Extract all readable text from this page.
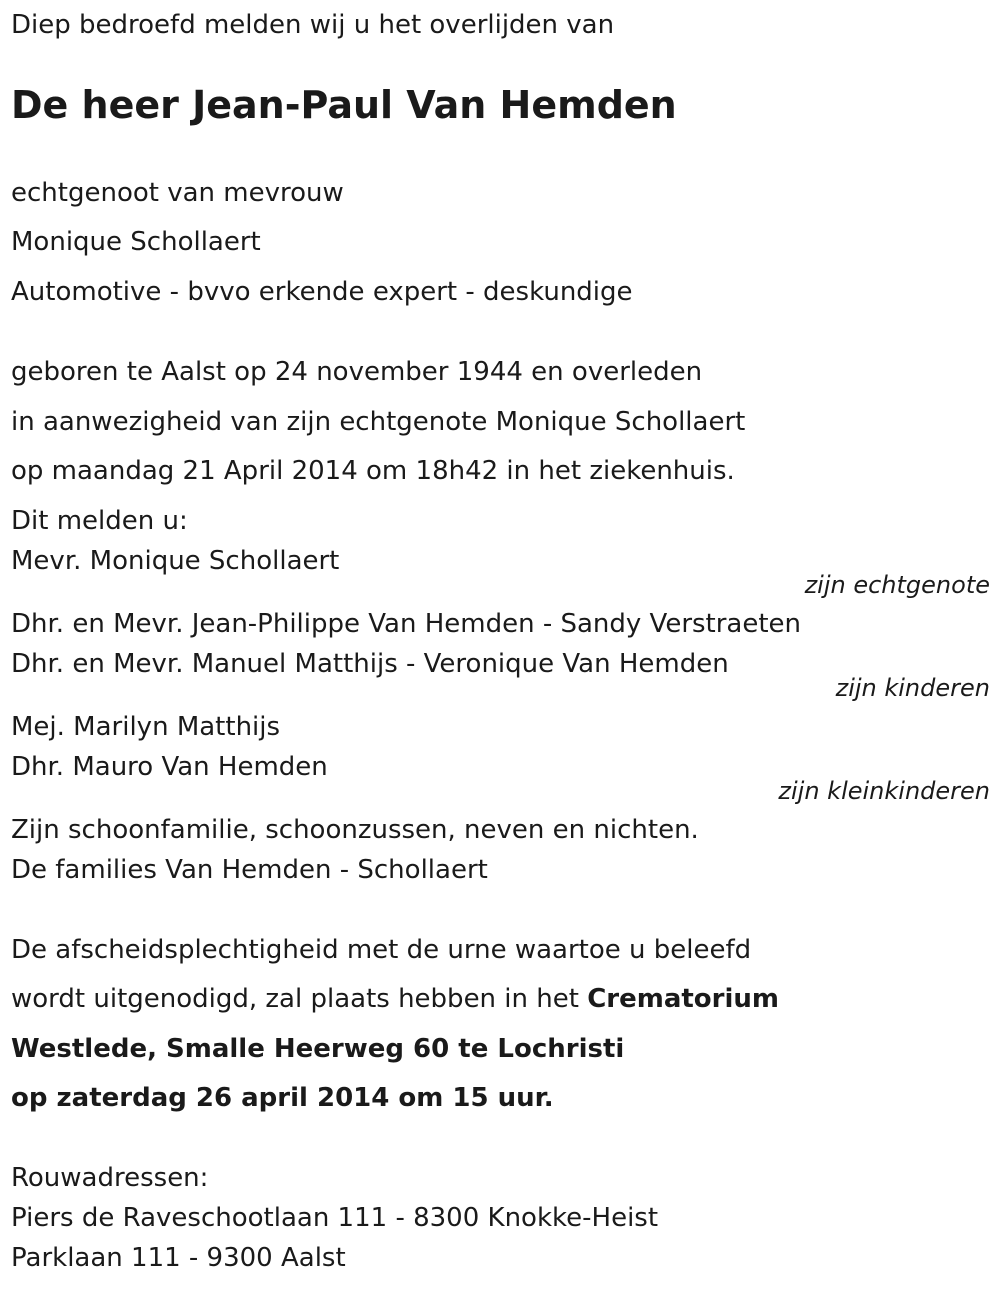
Diep bedroefd melden wij u het overlijden van
De heer Jean-Paul Van Hemden
echtgenoot van mevrouw
Monique Schollaert
Automotive - bvvo erkende expert - deskundige
geboren te Aalst op 24 november 1944 en overleden
in aanwezigheid van zijn echtgenote Monique Schollaert
op maandag 21 April 2014 om 18h42 in het ziekenhuis.
Dit melden u:
Mevr. Monique Schollaert
zijn echtgenote
Dhr. en Mevr. Jean-Philippe Van Hemden - Sandy Verstraeten
Dhr. en Mevr. Manuel Matthijs - Veronique Van Hemden
zijn kinderen
Mej. Marilyn Matthijs
Dhr. Mauro Van Hemden
zijn kleinkinderen
Zijn schoonfamilie, schoonzussen, neven en nichten.
De families Van Hemden - Schollaert
De afscheidsplechtigheid met de urne waartoe u beleefd
wordt uitgenodigd, zal plaats hebben in het Crematorium
Westlede, Smalle Heerweg 60 te Lochristi
op zaterdag 26 april 2014 om 15 uur.
Rouwadressen:
Piers de Raveschootlaan 111 - 8300 Knokke-Heist
Parklaan 111 - 9300 Aalst
